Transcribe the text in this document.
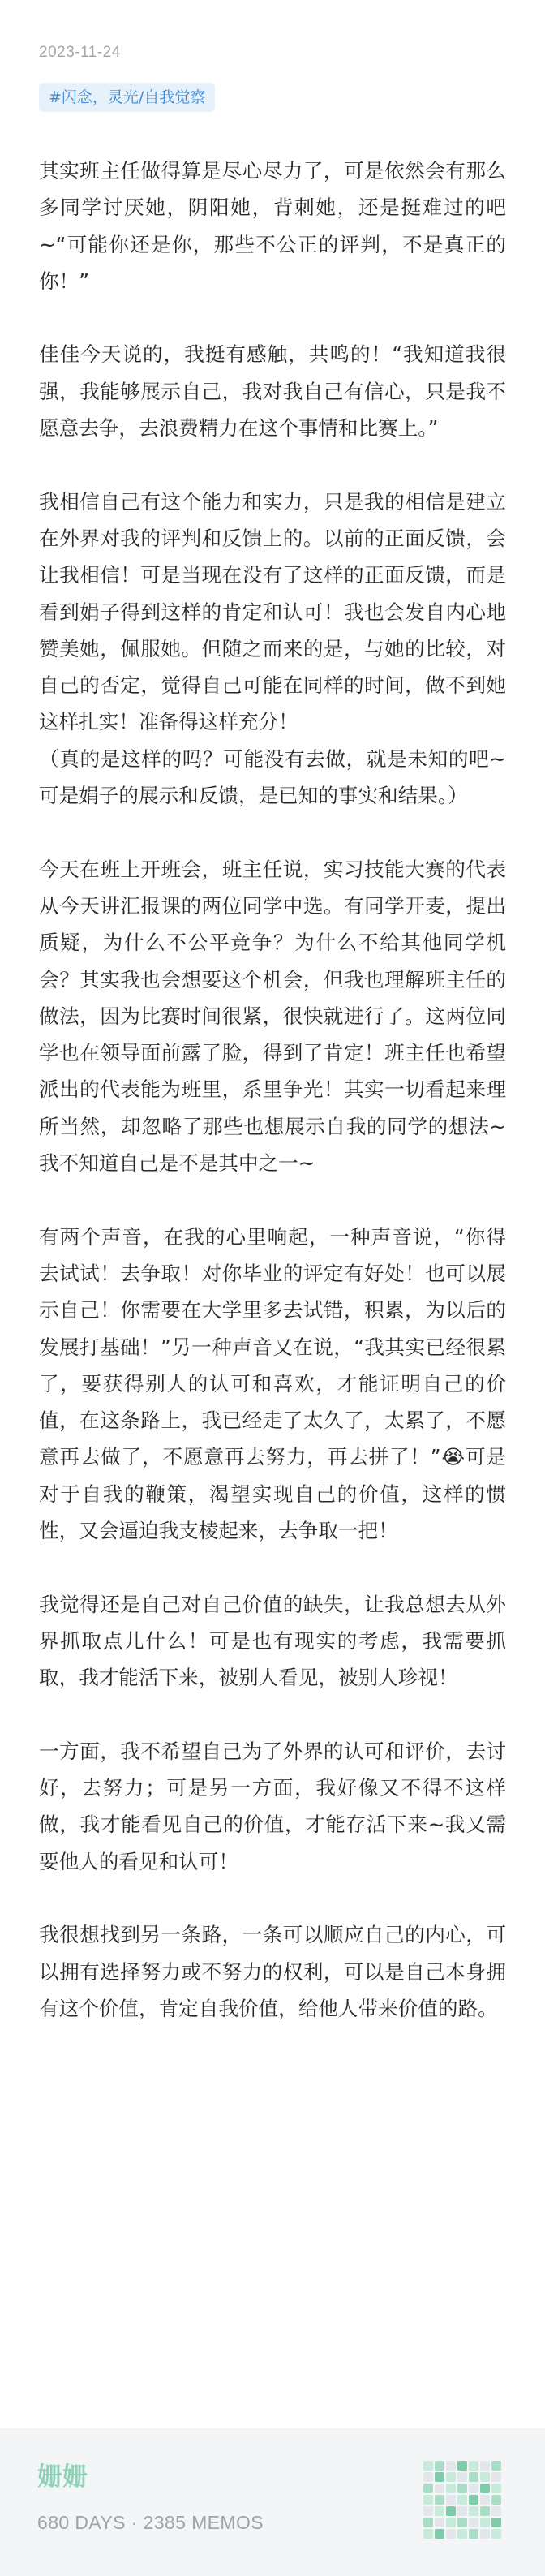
2023-11-24
#闪念，灵光/自我觉察

其实班主任做得算是尽心尽力了，可是依然会有那么多同学讨厌她，阴阳她，背刺她，还是挺难过的吧~“可能你还是你，那些不公正的评判，不是真正的你！”

佳佳今天说的，我挺有感触，共鸣的！“我知道我很强，我能够展示自己，我对我自己有信心，只是我不愿意去争，去浪费精力在这个事情和比赛上。”

我相信自己有这个能力和实力，只是我的相信是建立在外界对我的评判和反馈上的。以前的正面反馈，会让我相信！可是当现在没有了这样的正面反馈，而是看到娟子得到这样的肯定和认可！我也会发自内心地赞美她，佩服她。但随之而来的是，与她的比较，对自己的否定，觉得自己可能在同样的时间，做不到她这样扎实！准备得这样充分！

（真的是这样的吗？可能没有去做，就是未知的吧~可是娟子的展示和反馈，是已知的事实和结果。）

今天在班上开班会，班主任说，实习技能大赛的代表从今天讲汇报课的两位同学中选。有同学开麦，提出质疑，为什么不公平竞争？为什么不给其他同学机会？其实我也会想要这个机会，但我也理解班主任的做法，因为比赛时间很紧，很快就进行了。这两位同学也在领导面前露了脸，得到了肯定！班主任也希望派出的代表能为班里，系里争光！其实一切看起来理所当然，却忽略了那些也想展示自我的同学的想法~我不知道自己是不是其中之一~

有两个声音，在我的心里响起，一种声音说，“你得去试试！去争取！对你毕业的评定有好处！也可以展示自己！你需要在大学里多去试错，积累，为以后的发展打基础！”另一种声音又在说，“我其实已经很累了，要获得别人的认可和喜欢，才能证明自己的价值，在这条路上，我已经走了太久了，太累了，不愿意再去做了，不愿意再去努力，再去拼了！”😭可是对于自我的鞭策，渴望实现自己的价值，这样的惯性，又会逼迫我支棱起来，去争取一把！

我觉得还是自己对自己价值的缺失，让我总想去从外界抓取点儿什么！可是也有现实的考虑，我需要抓取，我才能活下来，被别人看见，被别人珍视！

一方面，我不希望自己为了外界的认可和评价，去讨好，去努力；可是另一方面，我好像又不得不这样做，我才能看见自己的价值，才能存活下来~我又需要他人的看见和认可！

我很想找到另一条路，一条可以顺应自己的内心，可以拥有选择努力或不努力的权利，可以是自己本身拥有这个价值，肯定自我价值，给他人带来价值的路。

姗姗
680 DAYS · 2385 MEMOS
